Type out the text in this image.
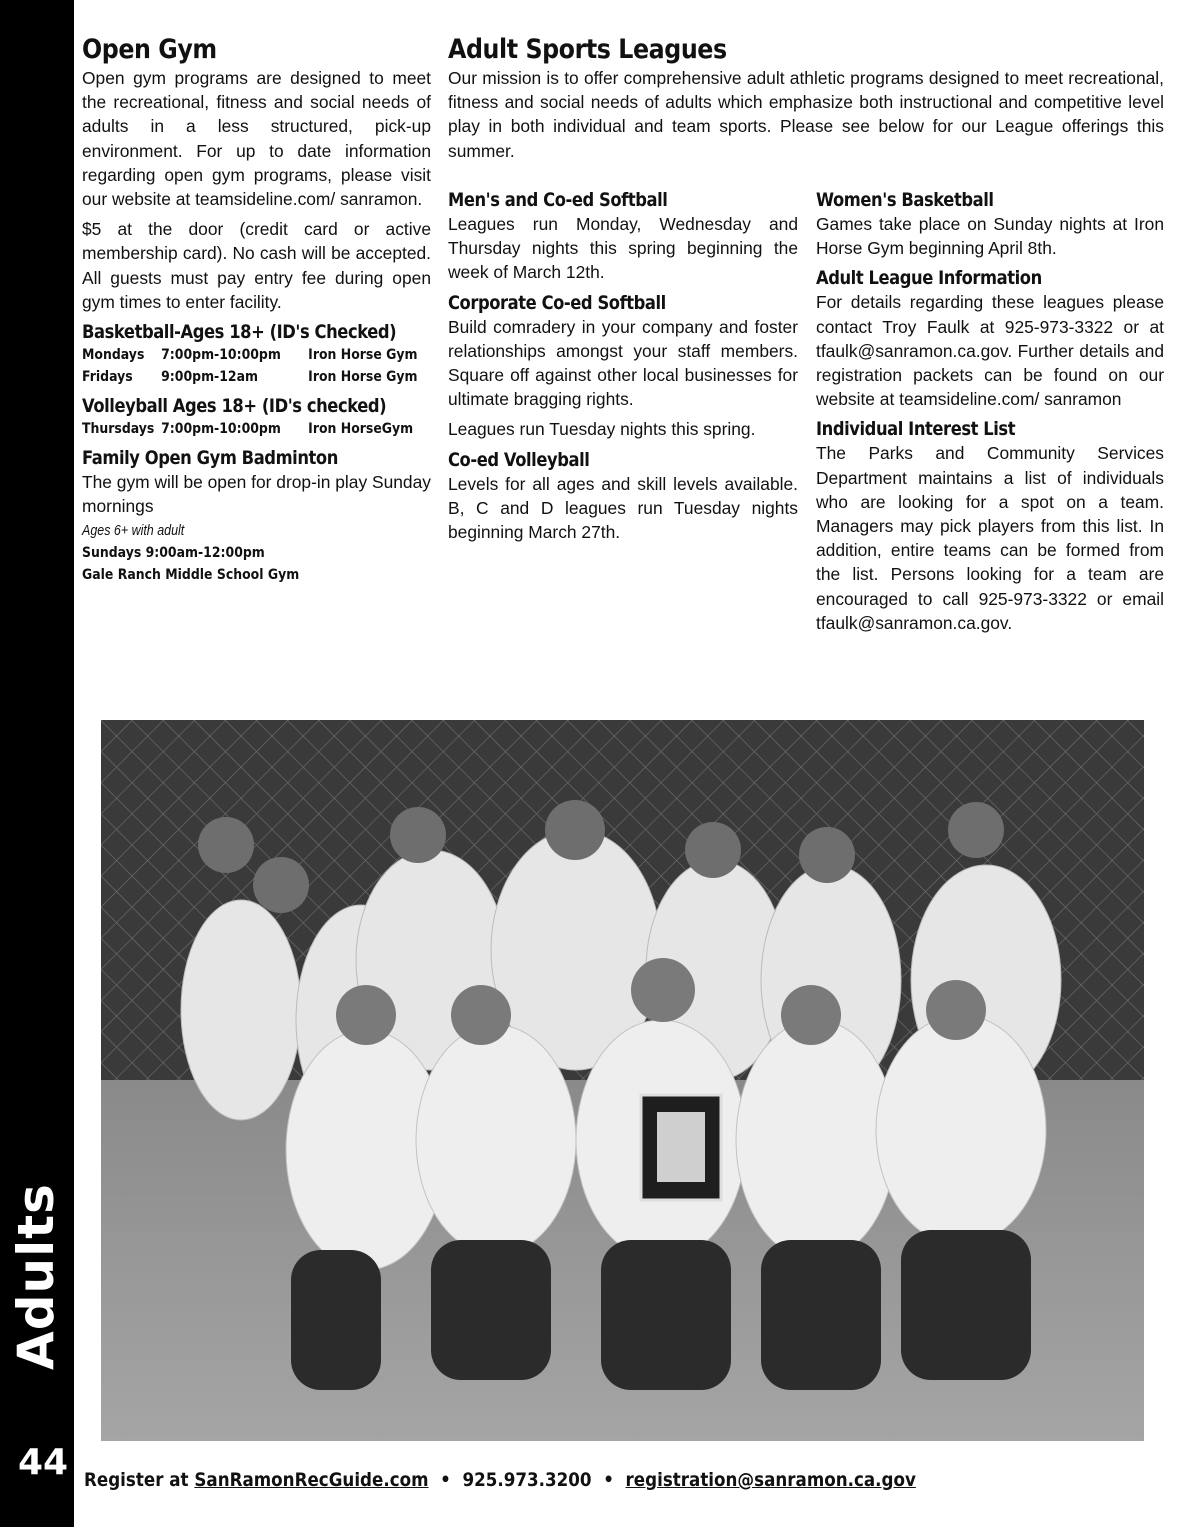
Adults
44
Open Gym

Open gym programs are designed to meet the recreational, fitness and social needs of adults in a less structured, pick-up environment. For up to date information regarding open gym programs, please visit our website at teamsideline.com/ sanramon.

$5 at the door (credit card or active membership card). No cash will be accepted. All guests must pay entry fee during open gym times to enter facility.

Basketball-Ages 18+ (ID's Checked)
Mondays	7:00pm-10:00pm	Iron Horse Gym
Fridays	9:00pm-12am	Iron Horse Gym
Volleyball Ages 18+ (ID's checked)
Thursdays 7:00pm-10:00pm	Iron HorseGym
Family Open Gym Badminton

The gym will be open for drop-in play Sunday mornings

Ages 6+ with adult
Sundays 9:00am-12:00pm
Gale Ranch Middle School Gym
Adult Sports Leagues

Our mission is to offer comprehensive adult athletic programs designed to meet recreational, fitness and social needs of adults which emphasize both instructional and competitive level play in both individual and team sports. Please see below for our League offerings this summer.

Men's and Co-ed Softball

Leagues run Monday, Wednesday and Thursday nights this spring beginning the week of March 12th.

Corporate Co-ed Softball

Build comradery in your company and foster relationships amongst your staff members. Square off against other local businesses for ultimate bragging rights.

Leagues run Tuesday nights this spring.

Co-ed Volleyball

Levels for all ages and skill levels available. B, C and D leagues run Tuesday nights beginning March 27th.

Women's Basketball

Games take place on Sunday nights at Iron Horse Gym beginning April 8th.

Adult League Information

For details regarding these leagues please contact Troy Faulk at 925-973-3322 or at tfaulk@sanramon.ca.gov. Further details and registration packets can be found on our website at teamsideline.com/ sanramon

Individual Interest List

The Parks and Community Services Department maintains a list of individuals who are looking for a spot on a team. Managers may pick players from this list. In addition, entire teams can be formed from the list. Persons looking for a team are encouraged to call 925-973-3322 or email tfaulk@sanramon.ca.gov.

Register at SanRamonRecGuide.com • 925.973.3200 • registration@sanramon.ca.gov
